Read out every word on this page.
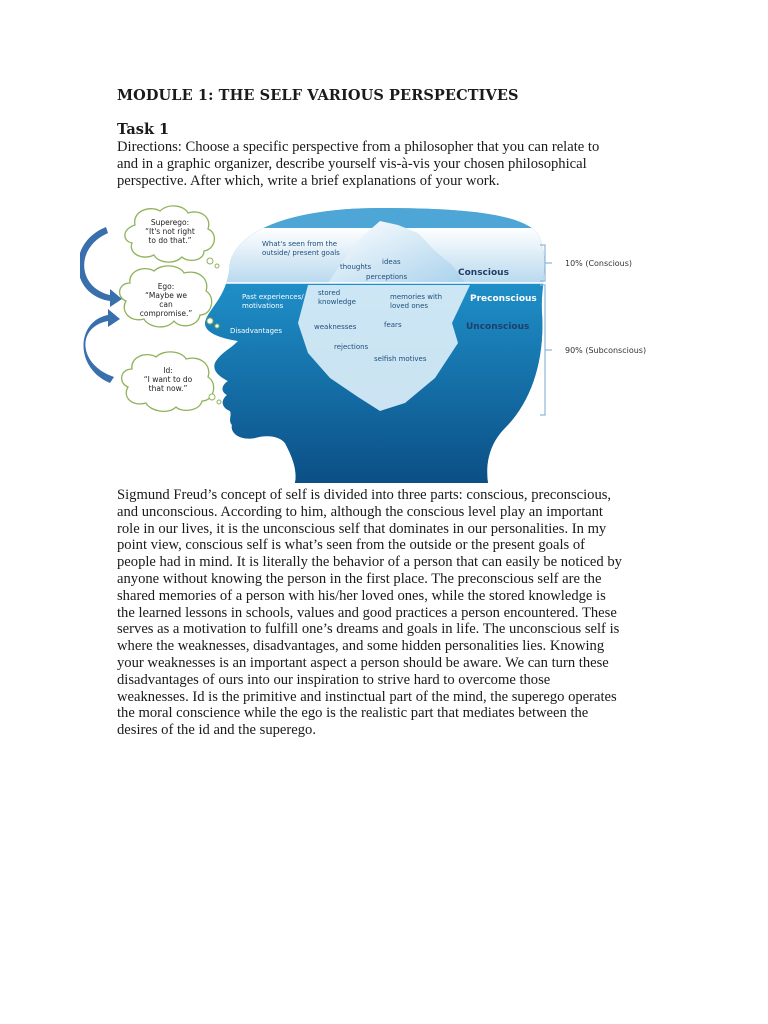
MODULE 1: THE SELF VARIOUS PERSPECTIVES
Task 1
Directions: Choose a specific perspective from a philosopher that you can relate to
and in a graphic organizer, describe yourself vis-à-vis your chosen philosophical
perspective. After which, write a brief explanations of your work.
What's seen from the outside/ present goals
thoughts
ideas
perceptions	Conscious
Past experiences/ motivations
stored knowledge
memories with loved ones
Preconscious
Disadvantages	weaknesses	fears	Unconscious
rejections
selfish motives
10% (Conscious)
90% (Subconscious)
Superego: “It's not right to do that.”
Ego: “Maybe we can compromise.”
Id: “I want to do that now.”
Sigmund Freud’s concept of self is divided into three parts: conscious, preconscious,
and unconscious. According to him, although the conscious level play an important
role in our lives, it is the unconscious self that dominates in our personalities. In my
point view, conscious self is what’s seen from the outside or the present goals of
people had in mind. It is literally the behavior of a person that can easily be noticed by
anyone without knowing the person in the first place. The preconscious self are the
shared memories of a person with his/her loved ones, while the stored knowledge is
the learned lessons in schools, values and good practices a person encountered. These
serves as a motivation to fulfill one’s dreams and goals in life. The unconscious self is
where the weaknesses, disadvantages, and some hidden personalities lies. Knowing
your weaknesses is an important aspect a person should be aware. We can turn these
disadvantages of ours into our inspiration to strive hard to overcome those
weaknesses. Id is the primitive and instinctual part of the mind, the superego operates
the moral conscience while the ego is the realistic part that mediates between the
desires of the id and the superego.
